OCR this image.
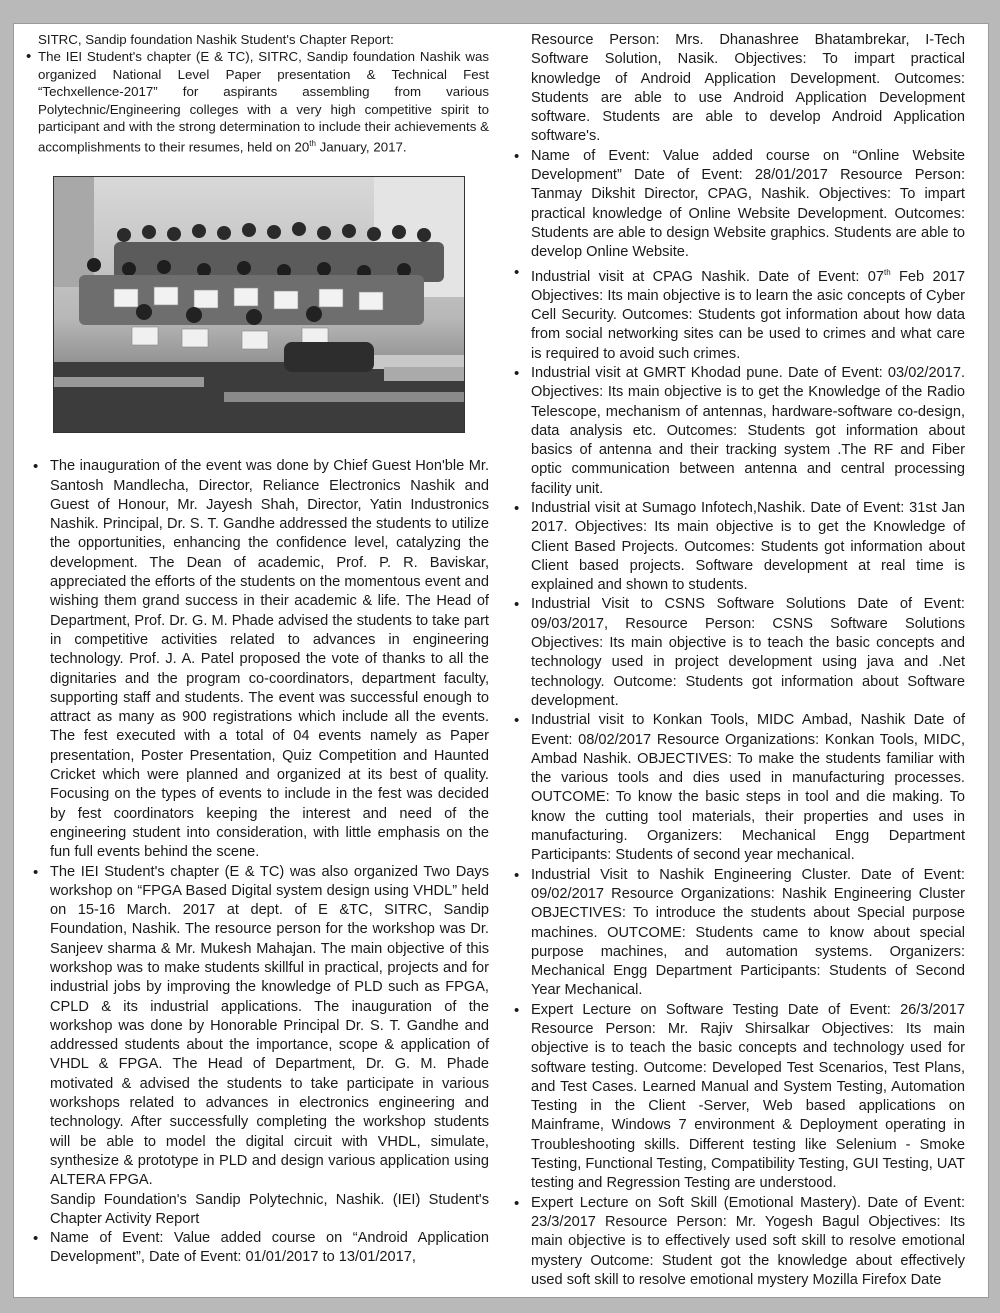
SITRC, Sandip foundation Nashik Student's Chapter Report:

• The IEI Student's chapter (E & TC), SITRC, Sandip foundation Nashik was organized National Level Paper presentation & Technical Fest “Techxellence-2017” for aspirants assembling from various Polytechnic/Engineering colleges with a very high competitive spirit to participant and with the strong determination to include their achievements & accomplishments to their resumes, held on 20th January, 2017.
• The inauguration of the event was done by Chief Guest Hon'ble Mr. Santosh Mandlecha, Director, Reliance Electronics Nashik and Guest of Honour, Mr. Jayesh Shah, Director, Yatin Industronics Nashik. Principal, Dr. S. T. Gandhe addressed the students to utilize the opportunities, enhancing the confidence level, catalyzing the development. The Dean of academic, Prof. P. R. Baviskar, appreciated the efforts of the students on the momentous event and wishing them grand success in their academic & life. The Head of Department, Prof. Dr. G. M. Phade advised the students to take part in competitive activities related to advances in engineering technology. Prof. J. A. Patel proposed the vote of thanks to all the dignitaries and the program co-coordinators, department faculty, supporting staff and students. The event was successful enough to attract as many as 900 registrations which include all the events. The fest executed with a total of 04 events namely as Paper presentation, Poster Presentation, Quiz Competition and Haunted Cricket which were planned and organized at its best of quality. Focusing on the types of events to include in the fest was decided by fest coordinators keeping the interest and need of the engineering student into consideration, with little emphasis on the fun full events behind the scene.
• The IEI Student's chapter (E & TC) was also organized Two Days workshop on “FPGA Based Digital system design using VHDL” held on 15-16 March. 2017 at dept. of E &TC, SITRC, Sandip Foundation, Nashik. The resource person for the workshop was Dr. Sanjeev sharma & Mr. Mukesh Mahajan. The main objective of this workshop was to make students skillful in practical, projects and for industrial jobs by improving the knowledge of PLD such as FPGA, CPLD & its industrial applications. The inauguration of the workshop was done by Honorable Principal Dr. S. T. Gandhe and addressed students about the importance, scope & application of VHDL & FPGA. The Head of Department, Dr. G. M. Phade motivated & advised the students to take participate in various workshops related to advances in electronics engineering and technology. After successfully completing the workshop students will be able to model the digital circuit with VHDL, simulate, synthesize & prototype in PLD and design various application using ALTERA FPGA.

Sandip Foundation's Sandip Polytechnic, Nashik. (IEI) Student's Chapter Activity Report

• Name of Event: Value added course on “Android Application Development”, Date of Event: 01/01/2017 to 13/01/2017,

Resource Person: Mrs. Dhanashree Bhatambrekar, I-Tech Software Solution, Nasik. Objectives: To impart practical knowledge of Android Application Development. Outcomes: Students are able to use Android Application Development software. Students are able to develop Android Application software's.

• Name of Event: Value added course on “Online Website Development” Date of Event: 28/01/2017 Resource Person: Tanmay Dikshit Director, CPAG, Nashik. Objectives: To impart practical knowledge of Online Website Development. Outcomes: Students are able to design Website graphics. Students are able to develop Online Website.
• Industrial visit at CPAG Nashik. Date of Event: 07th Feb 2017 Objectives: Its main objective is to learn the asic concepts of Cyber Cell Security. Outcomes: Students got information about how data from social networking sites can be used to crimes and what care is required to avoid such crimes.
• Industrial visit at GMRT Khodad pune. Date of Event: 03/02/2017. Objectives: Its main objective is to get the Knowledge of the Radio Telescope, mechanism of antennas, hardware-software co-design, data analysis etc. Outcomes: Students got information about basics of antenna and their tracking system .The RF and Fiber optic communication between antenna and central processing facility unit.
• Industrial visit at Sumago Infotech,Nashik. Date of Event: 31st Jan 2017. Objectives: Its main objective is to get the Knowledge of Client Based Projects. Outcomes: Students got information about Client based projects. Software development at real time is explained and shown to students.
• Industrial Visit to CSNS Software Solutions Date of Event: 09/03/2017, Resource Person: CSNS Software Solutions Objectives: Its main objective is to teach the basic concepts and technology used in project development using java and .Net technology. Outcome: Students got information about Software development.
• Industrial visit to Konkan Tools, MIDC Ambad, Nashik Date of Event: 08/02/2017 Resource Organizations: Konkan Tools, MIDC, Ambad Nashik. OBJECTIVES: To make the students familiar with the various tools and dies used in manufacturing processes. OUTCOME: To know the basic steps in tool and die making. To know the cutting tool materials, their properties and uses in manufacturing. Organizers: Mechanical Engg Department Participants: Students of second year mechanical.
• Industrial Visit to Nashik Engineering Cluster. Date of Event: 09/02/2017 Resource Organizations: Nashik Engineering Cluster OBJECTIVES: To introduce the students about Special purpose machines. OUTCOME: Students came to know about special purpose machines, and automation systems. Organizers: Mechanical Engg Department Participants: Students of Second Year Mechanical.
• Expert Lecture on Software Testing Date of Event: 26/3/2017 Resource Person: Mr. Rajiv Shirsalkar Objectives: Its main objective is to teach the basic concepts and technology used for software testing. Outcome: Developed Test Scenarios, Test Plans, and Test Cases. Learned Manual and System Testing, Automation Testing in the Client -Server, Web based applications on Mainframe, Windows 7 environment & Deployment operating in Troubleshooting skills. Different testing like Selenium - Smoke Testing, Functional Testing, Compatibility Testing, GUI Testing, UAT testing and Regression Testing are understood.
• Expert Lecture on Soft Skill (Emotional Mastery). Date of Event: 23/3/2017 Resource Person: Mr. Yogesh Bagul Objectives: Its main objective is to effectively used soft skill to resolve emotional mystery Outcome: Student got the knowledge about effectively used soft skill to resolve emotional mystery Mozilla Firefox Date
